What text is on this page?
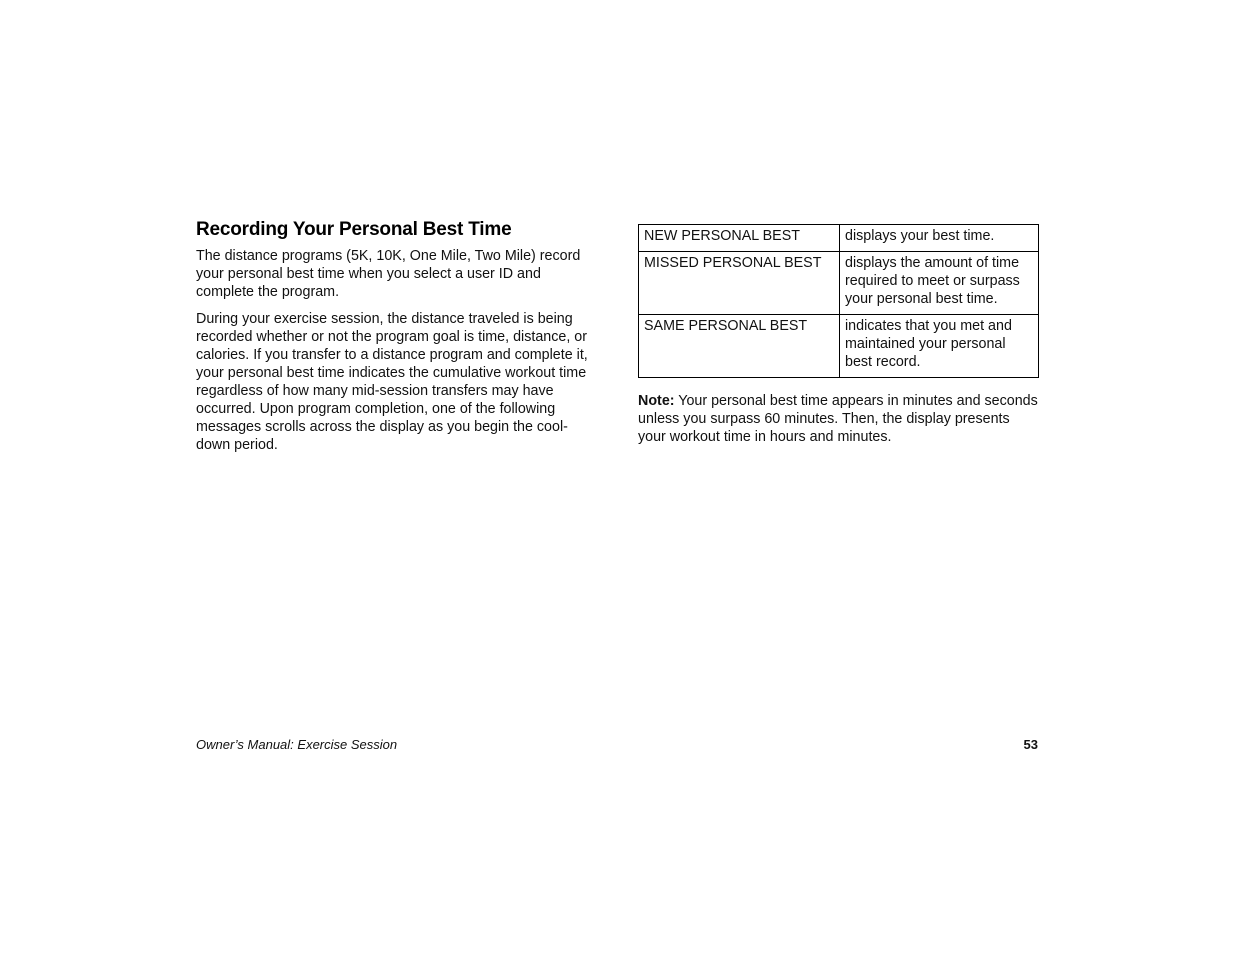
Recording Your Personal Best Time

The distance programs (5K, 10K, One Mile, Two Mile) record your personal best time when you select a user ID and complete the program.

During your exercise session, the distance traveled is being recorded whether or not the program goal is time, distance, or calories. If you transfer to a distance program and complete it, your personal best time indicates the cumulative workout time regardless of how many mid-session transfers may have occurred. Upon program completion, one of the following messages scrolls across the display as you begin the cool-down period.

NEW PERSONAL BEST	displays your best time.
MISSED PERSONAL BEST	displays the amount of time required to meet or surpass your personal best time.
SAME PERSONAL BEST	indicates that you met and maintained your personal best record.

Note: Your personal best time appears in minutes and seconds unless you surpass 60 minutes. Then, the display presents your workout time in hours and minutes.

Owner’s Manual: Exercise Session	53
